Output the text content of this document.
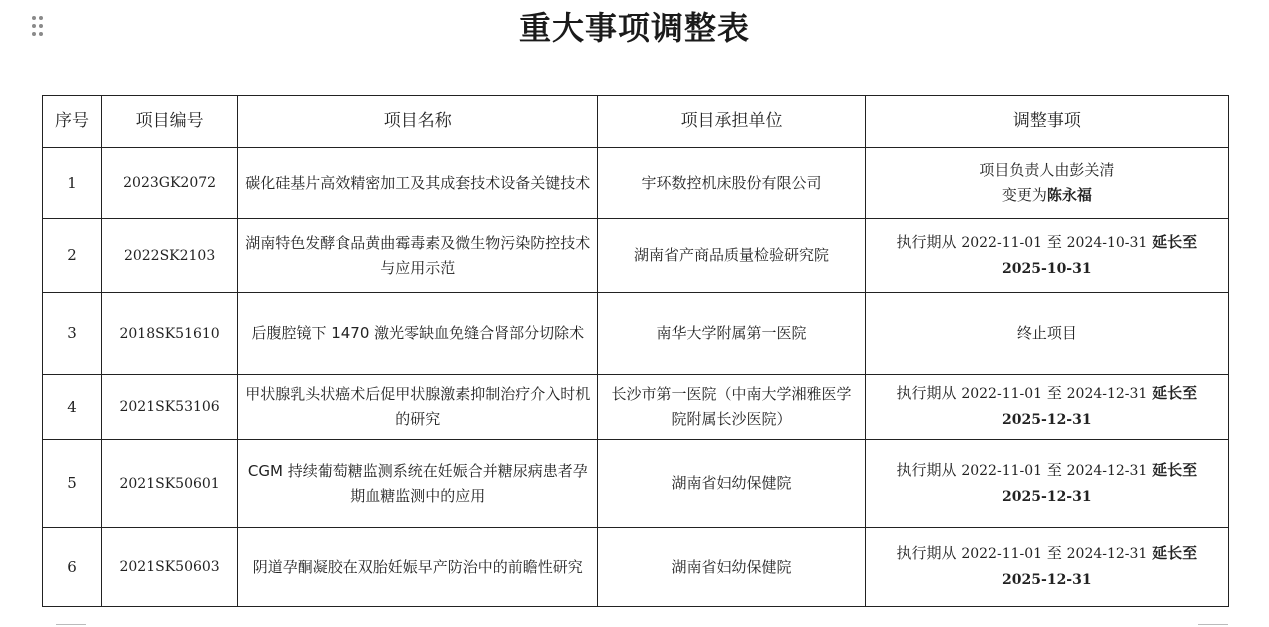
重大事项调整表
序号	项目编号	项目名称	项目承担单位	调整事项
1	2023GK2072	碳化硅基片高效精密加工及其成套技术设备关键技术	宇环数控机床股份有限公司	项目负责人由彭关清
变更为陈永福

2	2022SK2103	湖南特色发酵食品黄曲霉毒素及微生物污染防控技术与应用示范	湖南省产商品质量检验研究院	执行期从 2022-11-01 至 2024-10-31 延长至
2025-10-31
3	2018SK51610	后腹腔镜下 1470 激光零缺血免缝合肾部分切除术	南华大学附属第一医院	终止项目
4	2021SK53106	甲状腺乳头状癌术后促甲状腺激素抑制治疗介入时机的研究	长沙市第一医院（中南大学湘雅医学院附属长沙医院）	执行期从 2022-11-01 至 2024-12-31 延长至
2025-12-31
5	2021SK50601	CGM 持续葡萄糖监测系统在妊娠合并糖尿病患者孕期血糖监测中的应用	湖南省妇幼保健院	执行期从 2022-11-01 至 2024-12-31 延长至
2025-12-31
6	2021SK50603	阴道孕酮凝胶在双胎妊娠早产防治中的前瞻性研究	湖南省妇幼保健院	执行期从 2022-11-01 至 2024-12-31 延长至
2025-12-31
